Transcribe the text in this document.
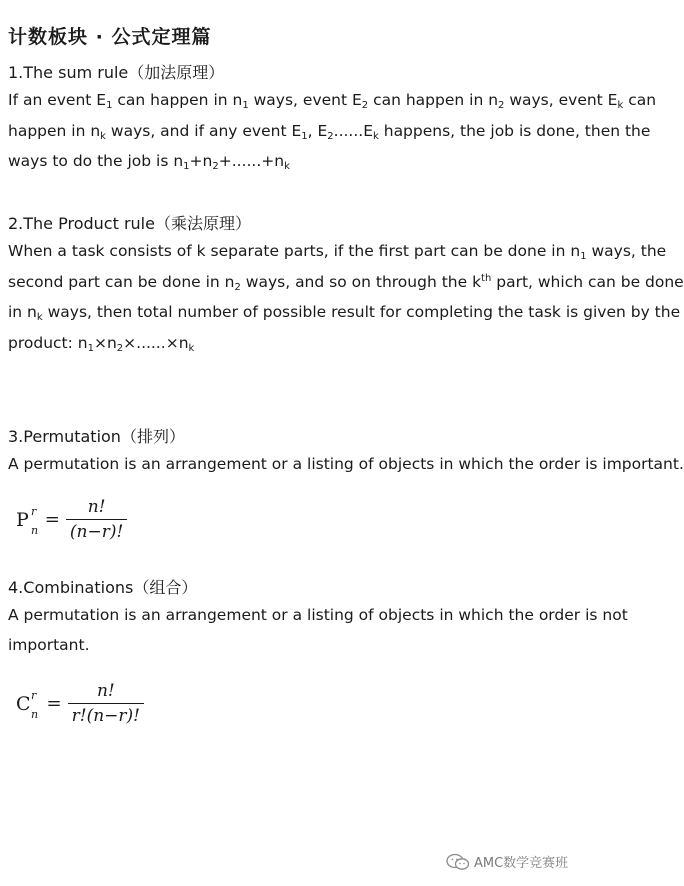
计数板块 · 公式定理篇
1.The sum rule（加法原理）
If an event $E_1$ can happen in $n_1$ ways, event $E_2$ can happen in $n_2$ ways, event $E_k$ can
happen in $n_k$ ways, and if any event $E_1$, $E_2......E_k$ happens, the job is done, then the
ways to do the job is $n_1+n_2+......+n_k$
2.The Product rule（乘法原理）
When a task consists of k separate parts, if the first part can be done in $n_1$ ways, the
second part can be done in $n_2$ ways, and so on through the $k^{th}$ part, which can be done
in $n_k$ ways, then total number of possible result for completing the task is given by the
product: $n_1\times n_2\times......\times n_k$
3.Permutation（排列）
A permutation is an arrangement or a listing of objects in which the order is important.
P r
$n = \frac{n!}{(n-r)!}$
4.Combinations（组合）
A permutation is an arrangement or a listing of objects in which the order is not
important.
C r
$n = \frac{n!}{r!(n-r)!}$
AMC数学竞赛班
